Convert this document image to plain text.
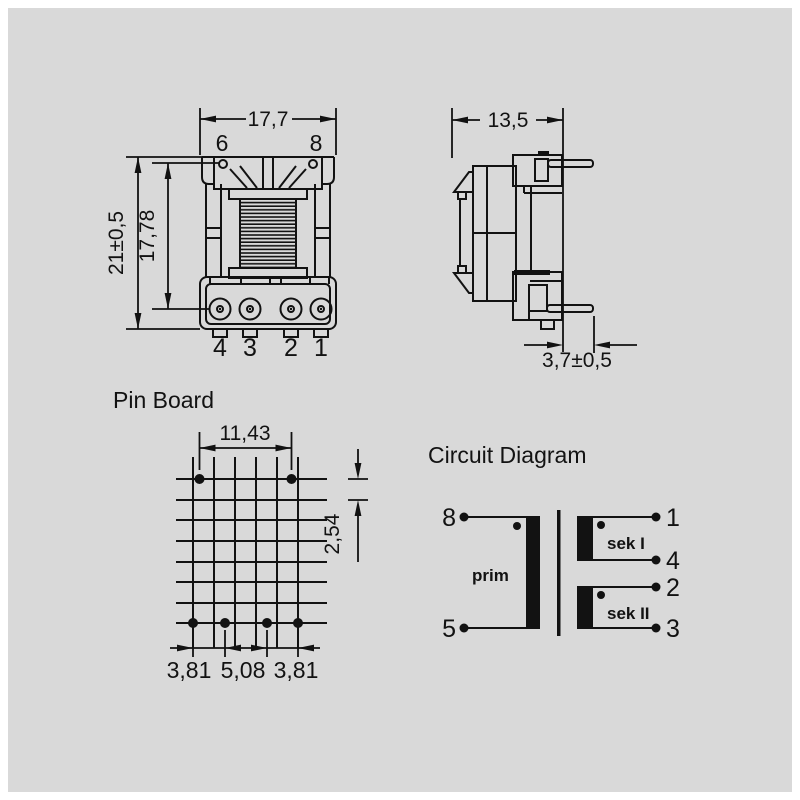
17,7
6	8
21±0,5 17,78
4 3 2 1
13,5
3,7±0,5
Pin Board
11,43
2,54
3,81 5,08 3,81
Circuit Diagram
8
5
prim
sek I
1
4
sek II
2
3
